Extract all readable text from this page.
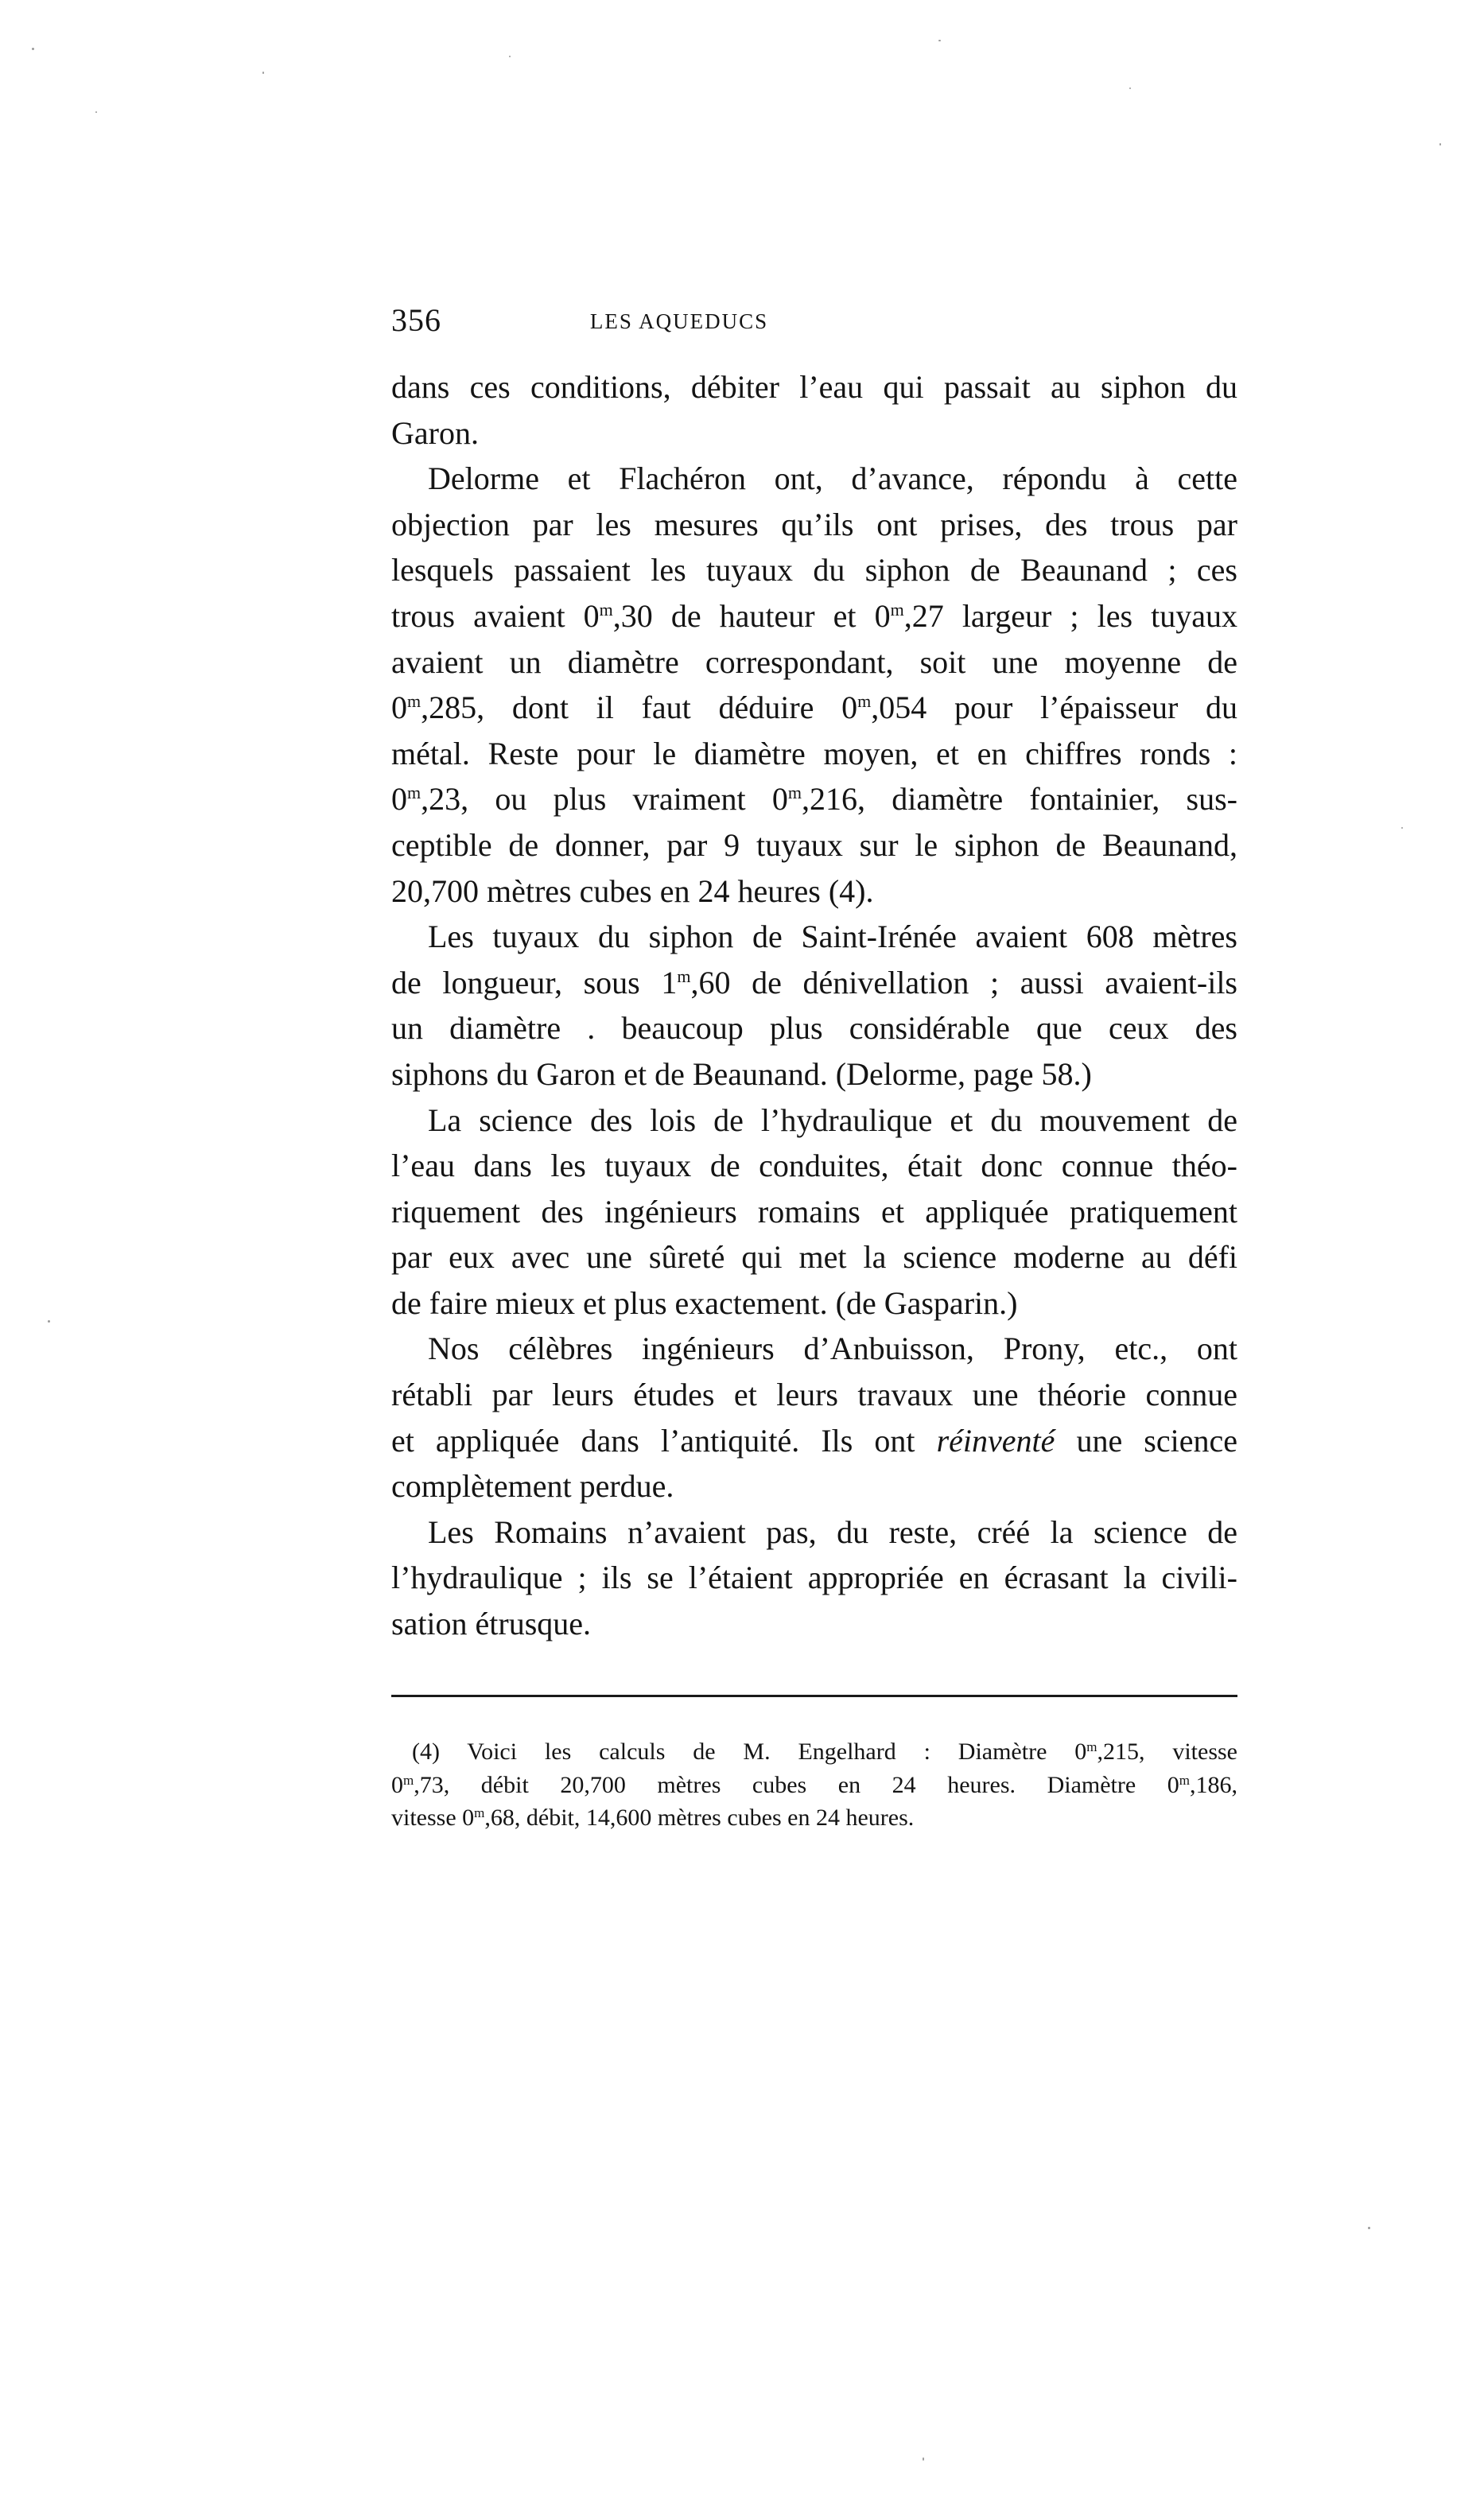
356	LES AQUEDUCS

dans ces conditions, débiter l’eau qui passait au siphon du
Garon.

Delorme et Flachéron ont, d’avance, répondu à cette
objection par les mesures qu’ils ont prises, des trous par
lesquels passaient les tuyaux du siphon de Beaunand ; ces
trous avaient 0$^m$,30 de hauteur et 0$^m$,27 largeur ; les tuyaux
avaient un diamètre correspondant, soit une moyenne de
0$^m$,285, dont il faut déduire 0$^m$,054 pour l’épaisseur du
métal. Reste pour le diamètre moyen, et en chiffres ronds :
0$^m$,23, ou plus vraiment 0$^m$,216, diamètre fontainier, sus-
ceptible de donner, par 9 tuyaux sur le siphon de Beaunand,
20,700 mètres cubes en 24 heures (4).

Les tuyaux du siphon de Saint-Irénée avaient 608 mètres
de longueur, sous 1$^m$,60 de dénivellation ; aussi avaient-ils
un diamètre . beaucoup plus considérable que ceux des
siphons du Garon et de Beaunand. (Delorme, page 58.)

La science des lois de l’hydraulique et du mouvement de
l’eau dans les tuyaux de conduites, était donc connue théo-
riquement des ingénieurs romains et appliquée pratiquement
par eux avec une sûreté qui met la science moderne au défi
de faire mieux et plus exactement. (de Gasparin.)

Nos célèbres ingénieurs d’Anbuisson, Prony, etc., ont
rétabli par leurs études et leurs travaux une théorie connue
et appliquée dans l’antiquité. Ils ont réinventé une science
complètement perdue.

Les Romains n’avaient pas, du reste, créé la science de
l’hydraulique ; ils se l’étaient appropriée en écrasant la civili-
sation étrusque.

(4) Voici les calculs de M. Engelhard : Diamètre 0$^m$,215, vitesse
0$^m$,73, débit 20,700 mètres cubes en 24 heures. Diamètre 0$^m$,186,
vitesse 0$^m$,68, débit, 14,600 mètres cubes en 24 heures.
